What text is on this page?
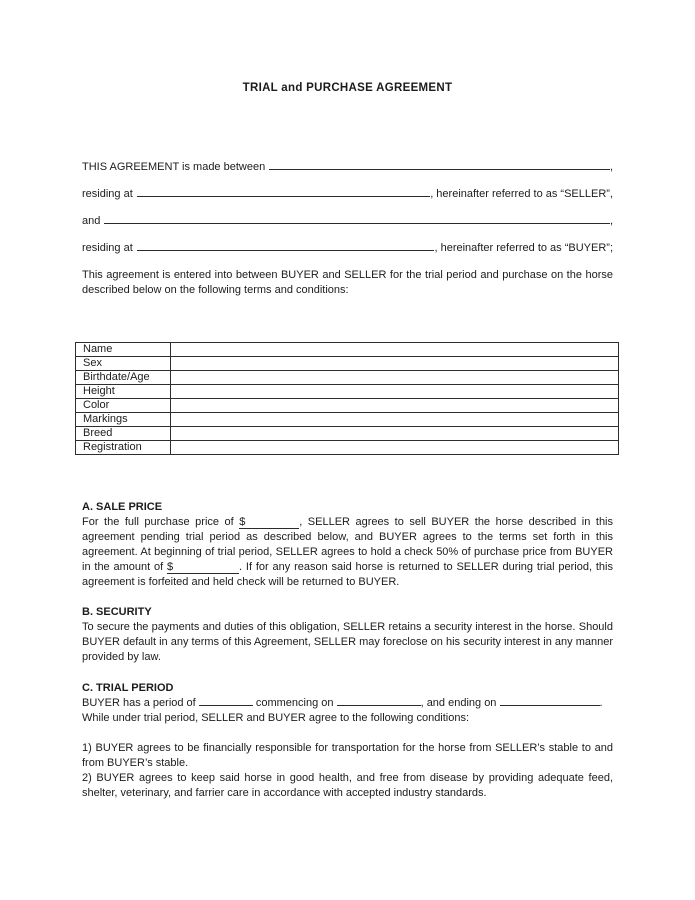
TRIAL and PURCHASE AGREEMENT
THIS AGREEMENT is made between	,
residing at	, hereinafter referred to as “SELLER”,
and	,
residing at	, hereinafter referred to as “BUYER”;

This agreement is entered into between BUYER and SELLER for the trial period and purchase on the horse described below on the following terms and conditions:

Name	
Sex	
Birthdate/Age	
Height	
Color	
Markings	
Breed	
Registration	
A. SALE PRICE

For the full purchase price of $	, SELLER agrees to sell BUYER the horse described in this agreement pending trial period as described below, and BUYER agrees to the terms set forth in this agreement. At beginning of trial period, SELLER agrees to hold a check 50% of purchase price from BUYER in the amount of $	. If for any reason said horse is returned to SELLER during trial period, this agreement is forfeited and held check will be returned to BUYER.

B. SECURITY

To secure the payments and duties of this obligation, SELLER retains a security interest in the horse. Should BUYER default in any terms of this Agreement, SELLER may foreclose on his security interest in any manner provided by law.

C. TRIAL PERIOD
BUYER has a period of	commencing on	, and ending on	.

While under trial period, SELLER and BUYER agree to the following conditions:

1) BUYER agrees to be financially responsible for transportation for the horse from SELLER’s stable to and from BUYER’s stable.

2) BUYER agrees to keep said horse in good health, and free from disease by providing adequate feed, shelter, veterinary, and farrier care in accordance with accepted industry standards.
